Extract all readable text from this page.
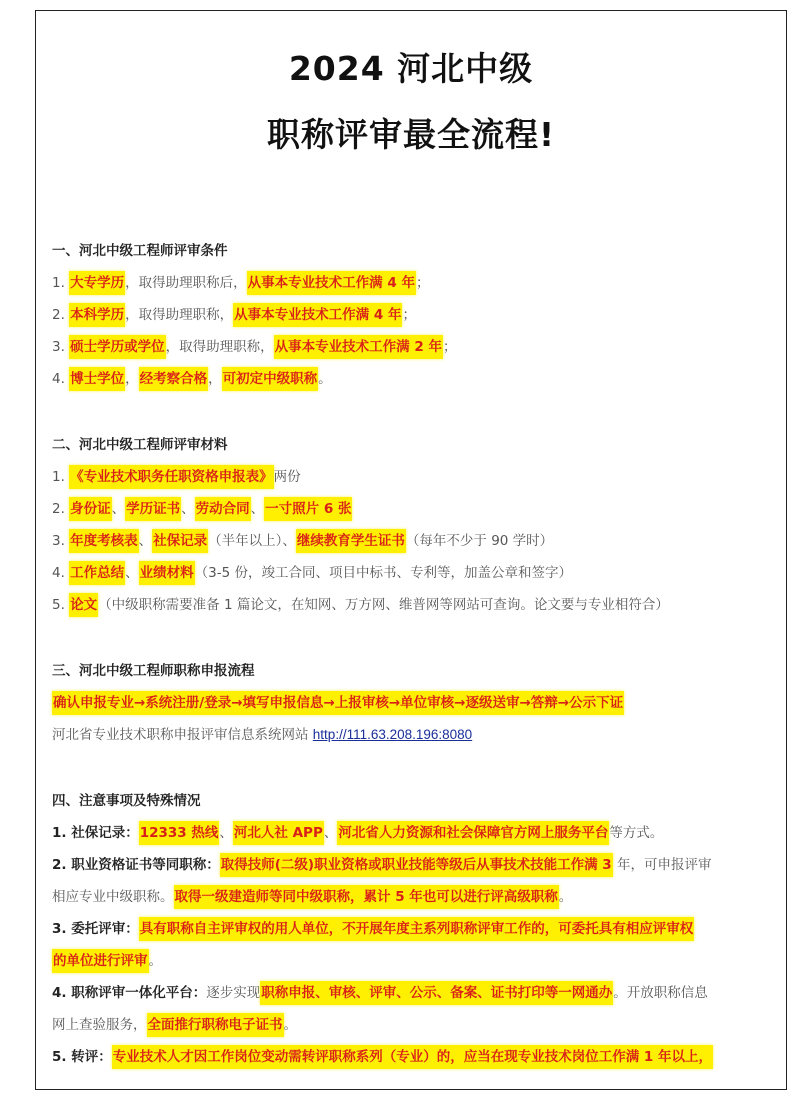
2024 河北中级
职称评审最全流程!
一、河北中级工程师评审条件
1. 大专学历，取得助理职称后，从事本专业技术工作满 4 年；
2. 本科学历，取得助理职称，从事本专业技术工作满 4 年；
3. 硕士学历或学位，取得助理职称，从事本专业技术工作满 2 年；
4. 博士学位，经考察合格，可初定中级职称。
二、河北中级工程师评审材料
1. 《专业技术职务任职资格申报表》两份
2. 身份证、学历证书、劳动合同、一寸照片 6 张
3. 年度考核表、社保记录（半年以上）、继续教育学生证书（每年不少于 90 学时）
4. 工作总结、业绩材料（3-5 份，竣工合同、项目中标书、专利等，加盖公章和签字）
5. 论文（中级职称需要准备 1 篇论文，在知网、万方网、维普网等网站可查询。论文要与专业相符合）
三、河北中级工程师职称申报流程
确认申报专业→系统注册/登录→填写申报信息→上报审核→单位审核→逐级送审→答辩→公示下证
河北省专业技术职称申报评审信息系统网站 http://111.63.208.196:8080
四、注意事项及特殊情况
1. 社保记录：12333 热线、河北人社 APP、河北省人力资源和社会保障官方网上服务平台等方式。
2. 职业资格证书等同职称：取得技师(二级)职业资格或职业技能等级后从事技术技能工作满 3 年，可申报评审
相应专业中级职称。取得一级建造师等同中级职称，累计 5 年也可以进行评高级职称。
3. 委托评审：具有职称自主评审权的用人单位，不开展年度主系列职称评审工作的，可委托具有相应评审权
的单位进行评审。
4. 职称评审一体化平台：逐步实现职称申报、审核、评审、公示、备案、证书打印等一网通办。开放职称信息
网上查验服务，全面推行职称电子证书。
5. 转评：专业技术人才因工作岗位变动需转评职称系列（专业）的，应当在现专业技术岗位工作满 1 年以上，
